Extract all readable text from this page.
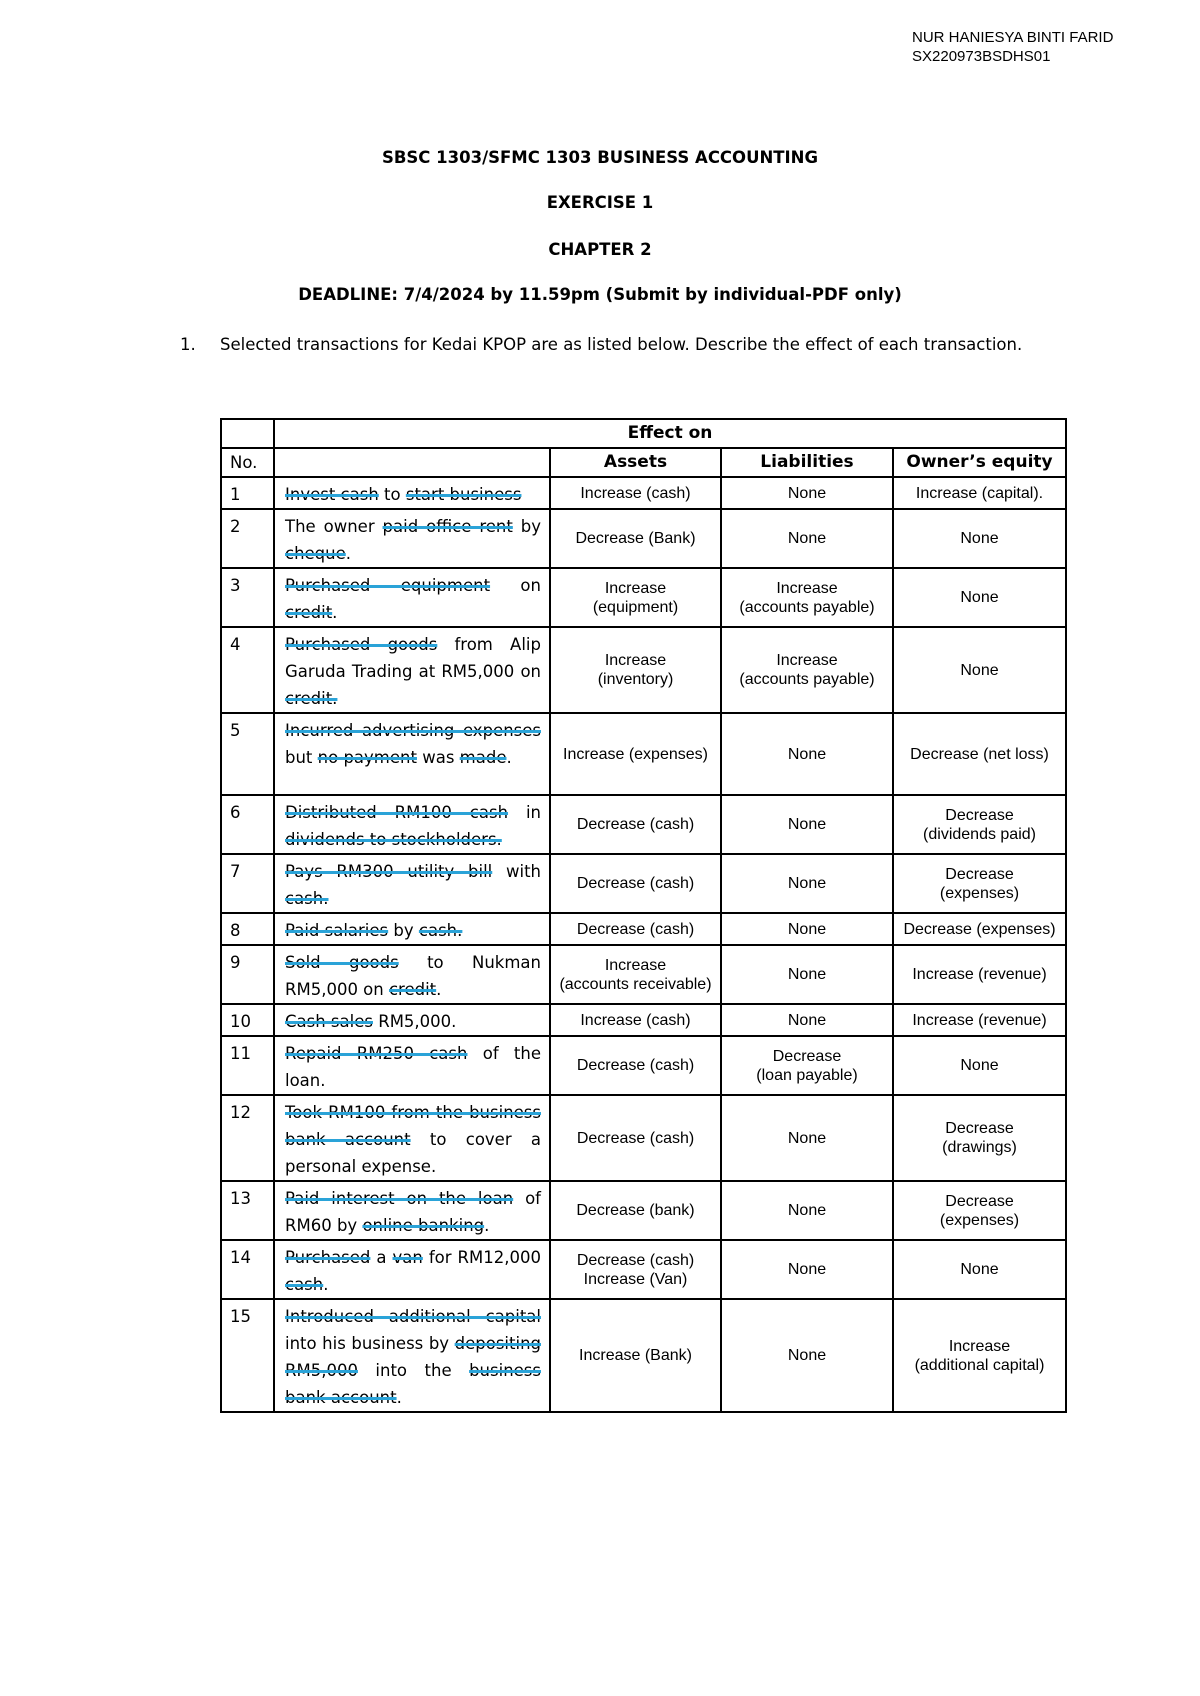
NUR HANIESYA BINTI FARID
SX220973BSDHS01
SBSC 1303/SFMC 1303 BUSINESS ACCOUNTING
EXERCISE 1
CHAPTER 2
DEADLINE: 7/4/2024 by 11.59pm (Submit by individual-PDF only)
1. Selected transactions for Kedai KPOP are as listed below. Describe the effect of each transaction.
	Effect on			
No.		Assets	Liabilities	Owner’s equity
1	Invest cash to start business	Increase (cash)	None	Increase (capital).
2	The owner paid office rent by cheque.	Decrease (Bank)	None	None
3	Purchased equipment on credit.	Increase
(equipment)	Increase
(accounts payable)	None
4	Purchased goods from Alip Garuda Trading at RM5,000 on credit.	Increase
(inventory)	Increase
(accounts payable)	None
5	Incurred advertising expenses but no payment was made.	Increase (expenses)	None	Decrease (net loss)
6	Distributed RM100 cash in dividends to stockholders.	Decrease (cash)	None	Decrease
(dividends paid)
7	Pays RM300 utility bill with cash.	Decrease (cash)	None	Decrease
(expenses)
8	Paid salaries by cash.	Decrease (cash)	None	Decrease (expenses)
9	Sold goods to Nukman RM5,000 on credit.	Increase
(accounts receivable)	None	Increase (revenue)
10	Cash sales RM5,000.	Increase (cash)	None	Increase (revenue)
11	Repaid RM250 cash of the loan.	Decrease (cash)	Decrease
(loan payable)	None
12	Took RM100 from the business bank account to cover a personal expense.	Decrease (cash)	None	Decrease
(drawings)
13	Paid interest on the loan of RM60 by online banking.	Decrease (bank)	None	Decrease
(expenses)
14	Purchased a van for RM12,000 cash.	Decrease (cash)
Increase (Van)	None	None
15	Introduced additional capital into his business by depositing RM5,000 into the business bank account.	Increase (Bank)	None	Increase
(additional capital)
